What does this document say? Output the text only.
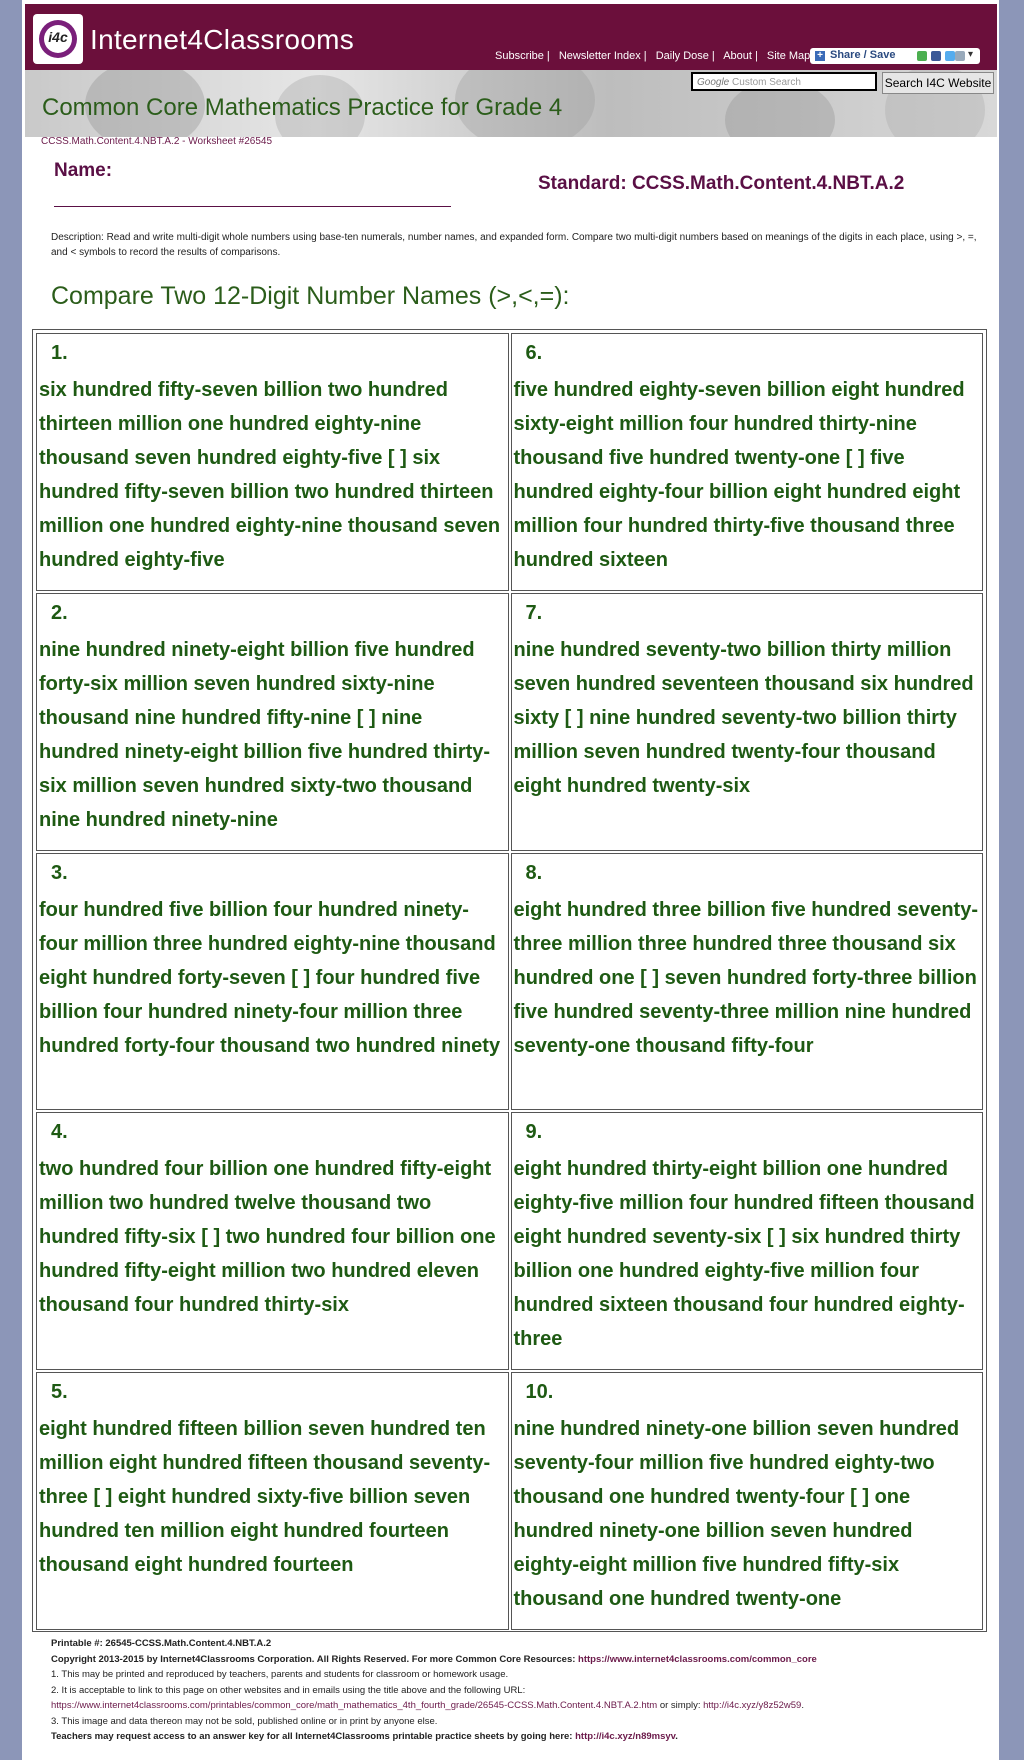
i4c Internet4Classrooms
Subscribe | Newsletter Index | Daily Dose | About | Site Map + Share / Save	▾
Common Core Mathematics Practice for Grade 4
Google Custom Search	Search I4C Website
CCSS.Math.Content.4.NBT.A.2 - Worksheet #26545
Name:
Standard: CCSS.Math.Content.4.NBT.A.2
Description: Read and write multi-digit whole numbers using base-ten numerals, number names, and expanded form. Compare two multi-digit numbers based on meanings of the digits in each place, using >, =, and < symbols to record the results of comparisons.
Compare Two 12-Digit Number Names (>,<,=):
1.
six hundred fifty-seven billion two hundred thirteen million one hundred eighty-nine thousand seven hundred eighty-five [ ] six hundred fifty-seven billion two hundred thirteen million one hundred eighty-nine thousand seven hundred eighty-five
6.
five hundred eighty-seven billion eight hundred sixty-eight million four hundred thirty-nine thousand five hundred twenty-one [ ] five hundred eighty-four billion eight hundred eight million four hundred thirty-five thousand three hundred sixteen
2.
nine hundred ninety-eight billion five hundred forty-six million seven hundred sixty-nine thousand nine hundred fifty-nine [ ] nine hundred ninety-eight billion five hundred thirty-six million seven hundred sixty-two thousand nine hundred ninety-nine
7.
nine hundred seventy-two billion thirty million seven hundred seventeen thousand six hundred sixty [ ] nine hundred seventy-two billion thirty million seven hundred twenty-four thousand eight hundred twenty-six
3.
four hundred five billion four hundred ninety-four million three hundred eighty-nine thousand eight hundred forty-seven [ ] four hundred five billion four hundred ninety-four million three hundred forty-four thousand two hundred ninety
8.
eight hundred three billion five hundred seventy-three million three hundred three thousand six hundred one [ ] seven hundred forty-three billion five hundred seventy-three million nine hundred seventy-one thousand fifty-four
4.
two hundred four billion one hundred fifty-eight million two hundred twelve thousand two hundred fifty-six [ ] two hundred four billion one hundred fifty-eight million two hundred eleven thousand four hundred thirty-six
9.
eight hundred thirty-eight billion one hundred eighty-five million four hundred fifteen thousand eight hundred seventy-six [ ] six hundred thirty billion one hundred eighty-five million four hundred sixteen thousand four hundred eighty-three
5.
eight hundred fifteen billion seven hundred ten million eight hundred fifteen thousand seventy-three [ ] eight hundred sixty-five billion seven hundred ten million eight hundred fourteen thousand eight hundred fourteen
10.
nine hundred ninety-one billion seven hundred seventy-four million five hundred eighty-two thousand one hundred twenty-four [ ] one hundred ninety-one billion seven hundred eighty-eight million five hundred fifty-six thousand one hundred twenty-one
Printable #: 26545-CCSS.Math.Content.4.NBT.A.2
Copyright 2013-2015 by Internet4Classrooms Corporation. All Rights Reserved. For more Common Core Resources: https://www.internet4classrooms.com/common_core
1. This may be printed and reproduced by teachers, parents and students for classroom or homework usage.
2. It is acceptable to link to this page on other websites and in emails using the title above and the following URL:
https://www.internet4classrooms.com/printables/common_core/math_mathematics_4th_fourth_grade/26545-CCSS.Math.Content.4.NBT.A.2.htm or simply: http://i4c.xyz/y8z52w59.
3. This image and data thereon may not be sold, published online or in print by anyone else.
Teachers may request access to an answer key for all Internet4Classrooms printable practice sheets by going here: http://i4c.xyz/n89msyv.
